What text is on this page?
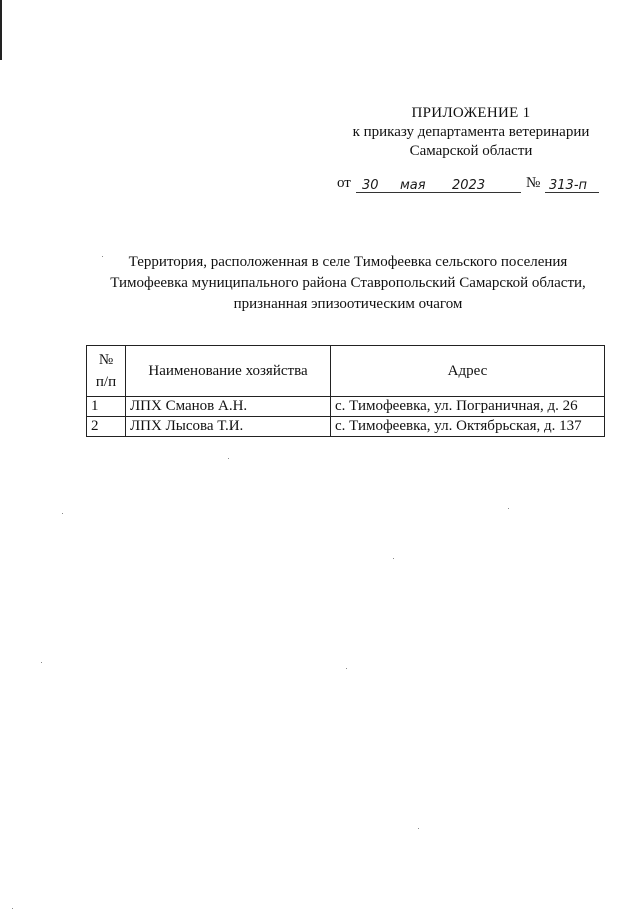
ПРИЛОЖЕНИЕ 1
к приказу департамента ветеринарии
Самарской области
от 30 мая 2023	№ 313-п
Территория, расположенная в селе Тимофеевка сельского поселения
Тимофеевка муниципального района Ставропольский Самарской области,
признанная эпизоотическим очагом
№
п/п	Наименование хозяйства	Адрес
1	ЛПХ Сманов А.Н.	с. Тимофеевка, ул. Пограничная, д. 26
2	ЛПХ Лысова Т.И.	с. Тимофеевка, ул. Октябрьская, д. 137
